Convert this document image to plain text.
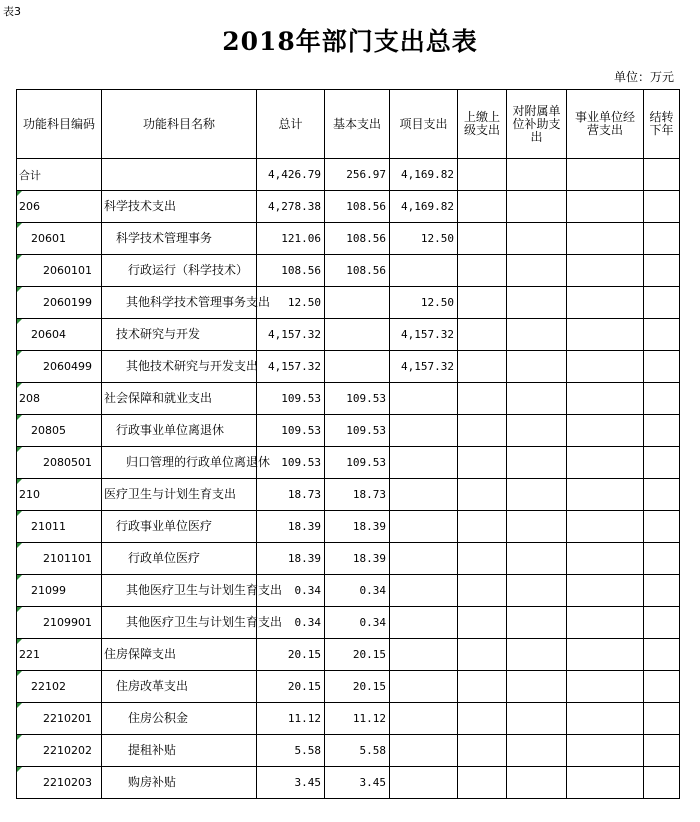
表3
2018年部门支出总表
单位：万元
功能科目编码	功能科目名称	总计	基本支出	项目支出	上缴上级支出	对附属单位补助支出	事业单位经营支出	结转下年
合计		4,426.79	256.97	4,169.82				

206	科学技术支出	4,278.38	108.56	4,169.82				

20601	科学技术管理事务	121.06	108.56	12.50				

2060101	行政运行（科学技术）	108.56	108.56					

2060199	其他科学技术管理事务支出	12.50		12.50				

20604	技术研究与开发	4,157.32		4,157.32				

2060499	其他技术研究与开发支出	4,157.32		4,157.32				

208	社会保障和就业支出	109.53	109.53					

20805	行政事业单位离退休	109.53	109.53					

2080501	归口管理的行政单位离退休	109.53	109.53					

210	医疗卫生与计划生育支出	18.73	18.73					

21011	行政事业单位医疗	18.39	18.39					

2101101	行政单位医疗	18.39	18.39					

21099	其他医疗卫生与计划生育支出	0.34	0.34					

2109901	其他医疗卫生与计划生育支出	0.34	0.34					

221	住房保障支出	20.15	20.15					

22102	住房改革支出	20.15	20.15					

2210201	住房公积金	11.12	11.12					

2210202	提租补贴	5.58	5.58					

2210203	购房补贴	3.45	3.45					
